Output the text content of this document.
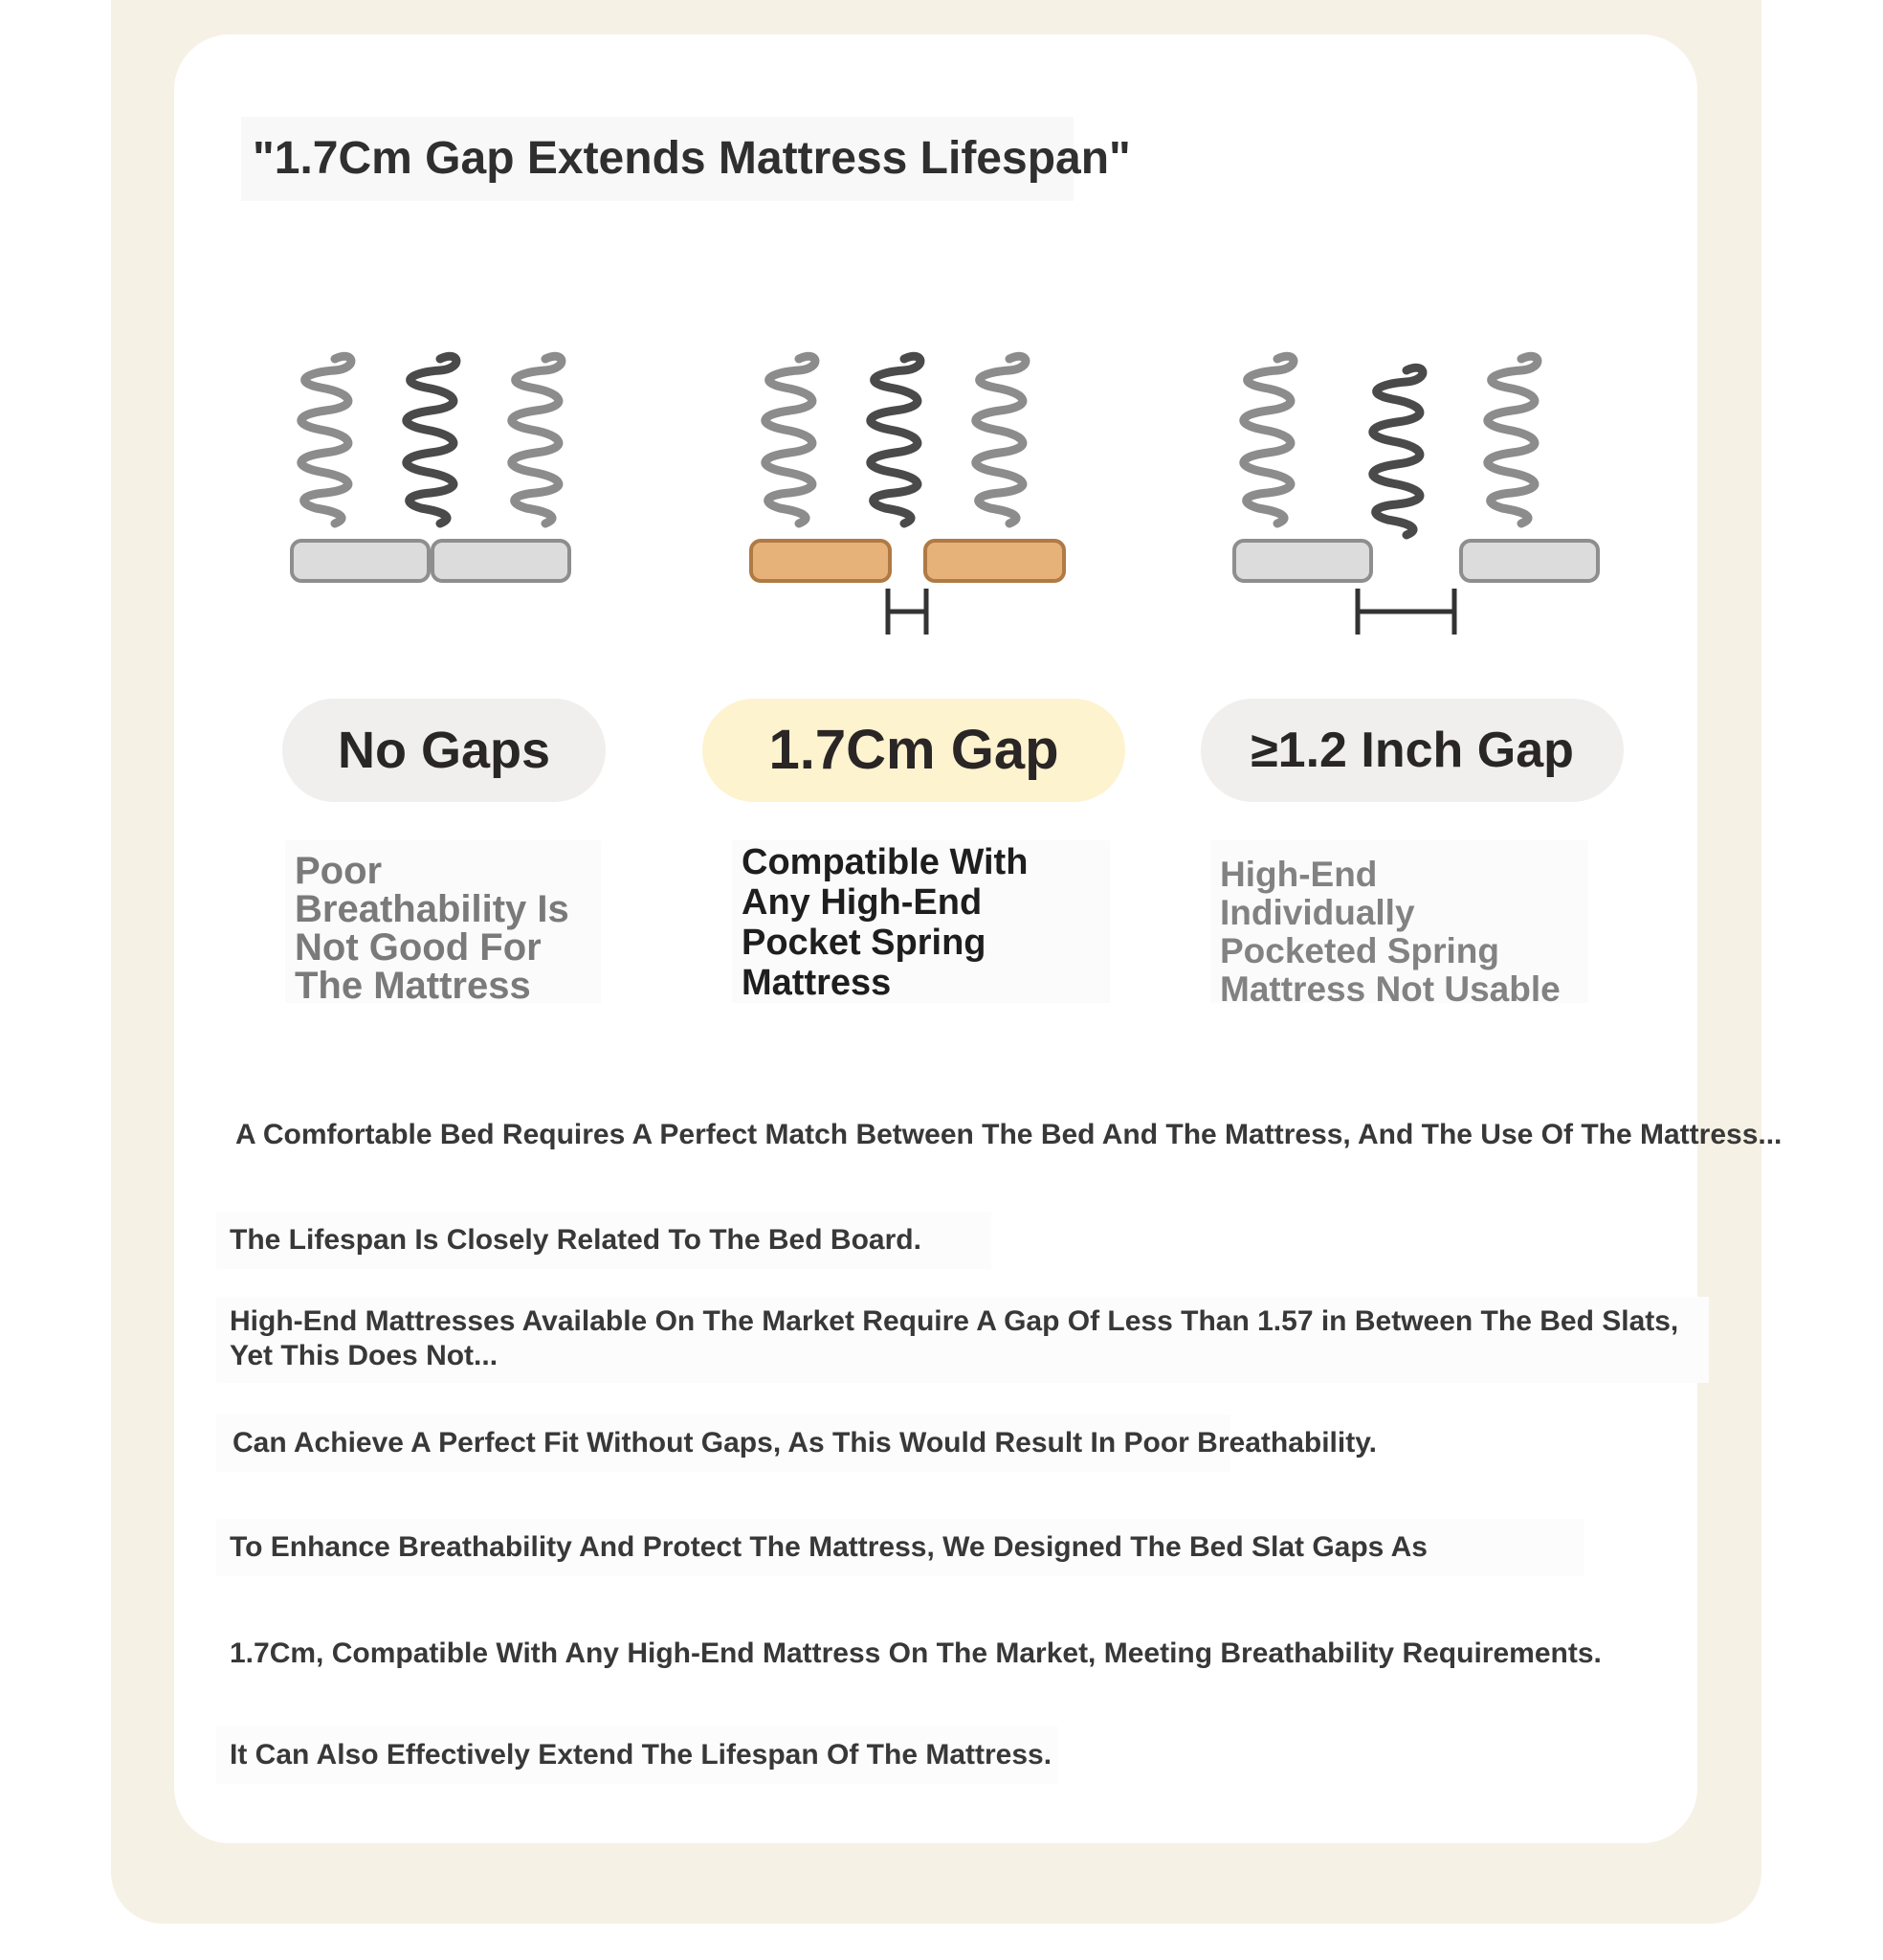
"1.7Cm Gap Extends Mattress Lifespan"
No Gaps	1.7Cm Gap	≥1.2 Inch Gap
Poor Breathability Is Not Good For The Mattress
Compatible With Any High-End Pocket Spring Mattress
High-End Individually Pocketed Spring Mattress Not Usable
A Comfortable Bed Requires A Perfect Match Between The Bed And The Mattress, And The Use Of The Mattress...
The Lifespan Is Closely Related To The Bed Board.
High-End Mattresses Available On The Market Require A Gap Of Less Than 1.57 in Between The Bed Slats, Yet This Does Not...
Can Achieve A Perfect Fit Without Gaps, As This Would Result In Poor Breathability.
To Enhance Breathability And Protect The Mattress, We Designed The Bed Slat Gaps As
1.7Cm, Compatible With Any High-End Mattress On The Market, Meeting Breathability Requirements.
It Can Also Effectively Extend The Lifespan Of The Mattress.
